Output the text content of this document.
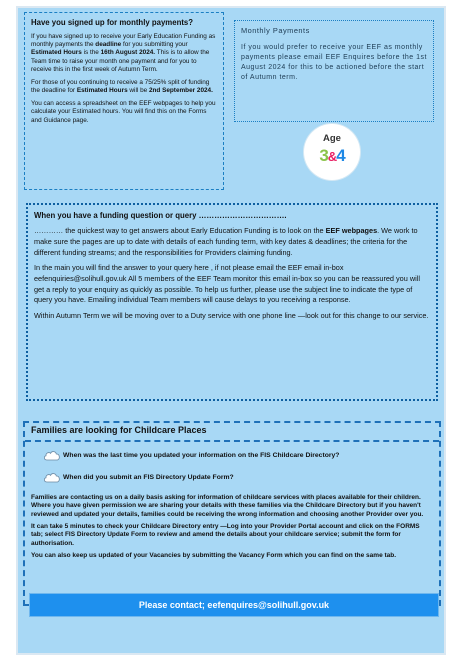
Have you signed up for monthly payments?

If you have signed up to receive your Early Education Funding as monthly payments the deadline for you submitting your Estimated Hours is the 16th August 2024. This is to allow the Team time to raise your month one payment and for you to receive this in the first week of Autumn Term.

For those of you continuing to receive a 75/25% split of funding the deadline for Estimated Hours will be 2nd September 2024.

You can access a spreadsheet on the EEF webpages to help you calculate your Estimated hours. You will find this on the Forms and Guidance page.

Monthly Payments

If you would prefer to receive your EEF as monthly payments please email EEF Enquires before the 1st August 2024 for this to be actioned before the start of Autumn term.

Age
3&4
When you have a funding question or query …………………………….

………… the quickest way to get answers about Early Education Funding is to look on the EEF webpages. We work to make sure the pages are up to date with details of each funding term, with key dates & deadlines; the criteria for the different funding streams; and the responsibilities for Providers claiming funding.

In the main you will find the answer to your query here , if not please email the EEF email in-box eefenquiries@solihull.gov.uk All 5 members of the EEF Team monitor this email in-box so you can be reassured you will get a reply to your enquiry as quickly as possible. To help us further, please use the subject line to indicate the type of query you have. Emailing individual Team members will cause delays to you receiving a response.

Within Autumn Term we will be moving over to a Duty service with one phone line —look out for this change to our service.

Families are looking for Childcare Places
When was the last time you updated your information on the FIS Childcare Directory?
When did you submit an FIS Directory Update Form?

Families are contacting us on a daily basis asking for information of childcare services with places available for their children. Where you have given permission we are sharing your details with these families via the Childcare Directory but if you haven't reviewed and updated your details, families could be receiving the wrong information and choosing another Provider over you.

It can take 5 minutes to check your Childcare Directory entry —Log into your Provider Portal account and click on the FORMS tab; select FIS Directory Update Form to review and amend the details about your childcare service; submit the form for authorisation.

You can also keep us updated of your Vacancies by submitting the Vacancy Form which you can find on the same tab.

Please contact; eefenquires@solihull.gov.uk
